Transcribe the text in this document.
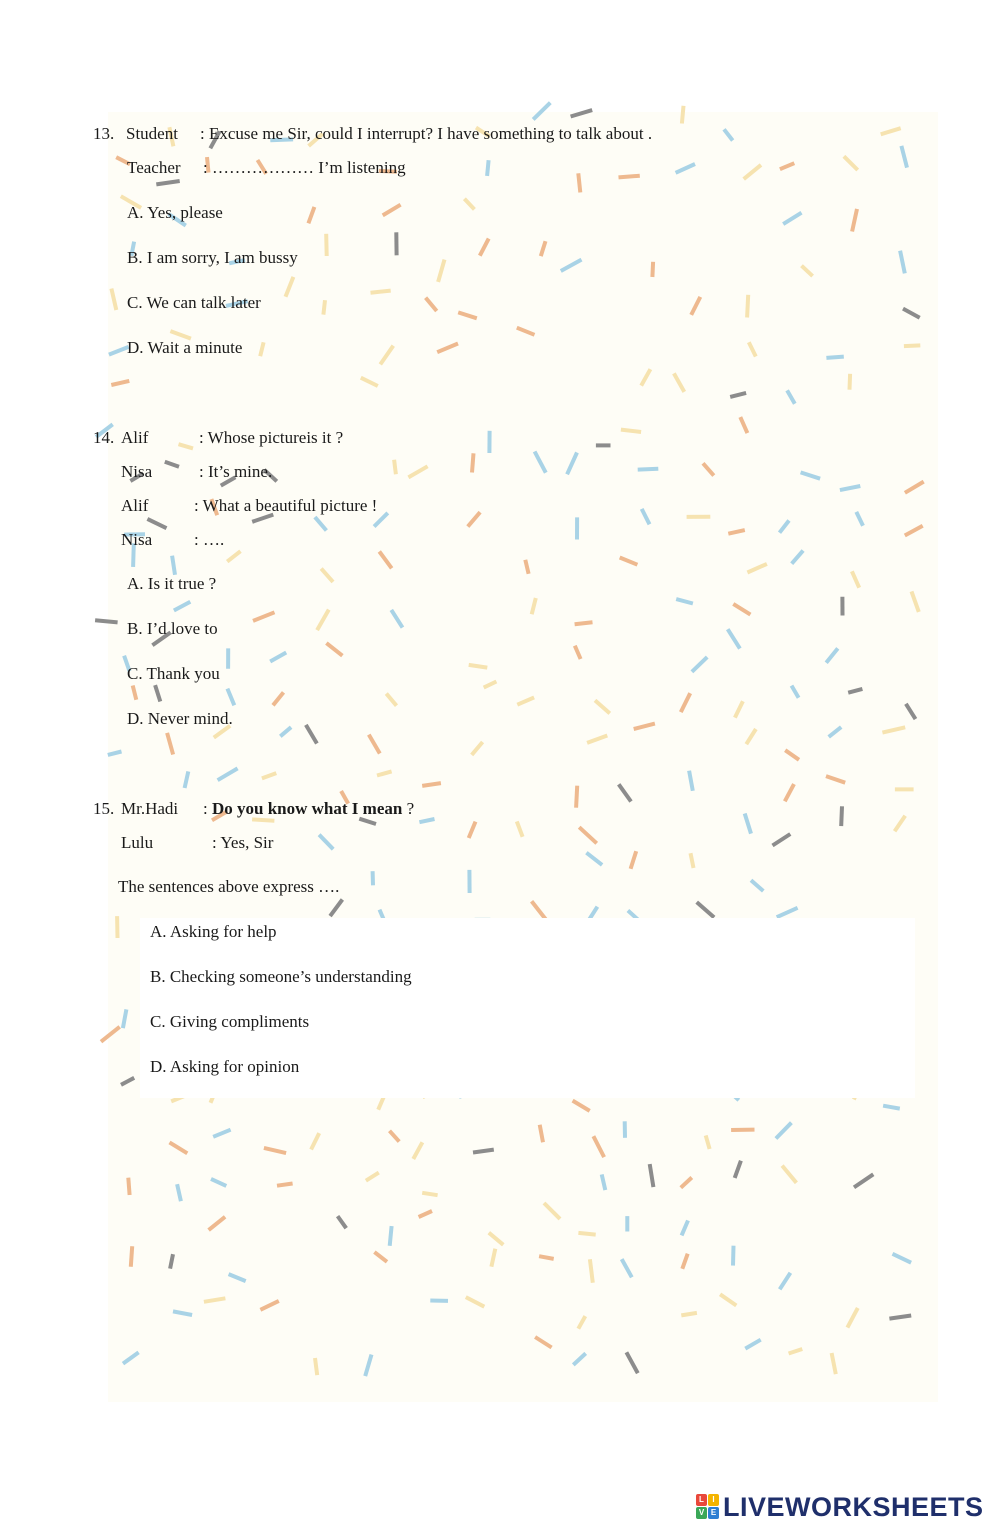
13. Student : Excuse me Sir, could I interrupt? I have something to talk about .
Teacher : ……………… I’m listening
A. Yes, please
B. I am sorry, I am bussy
C. We can talk later
D. Wait a minute
14. Alif	: Whose pictureis it ?
Nisa	: It’s mine.
Alif	: What a beautiful picture !
Nisa : ….
A. Is it true ?
B. I’d love to
C. Thank you
D. Never mind.
15. Mr.Hadi : Do you know what I mean ?
Lulu	: Yes, Sir
The sentences above express ….
A. Asking for help
B. Checking someone’s understanding
C. Giving compliments
D. Asking for opinion
L	I
V E LIVEWORKSHEETS
